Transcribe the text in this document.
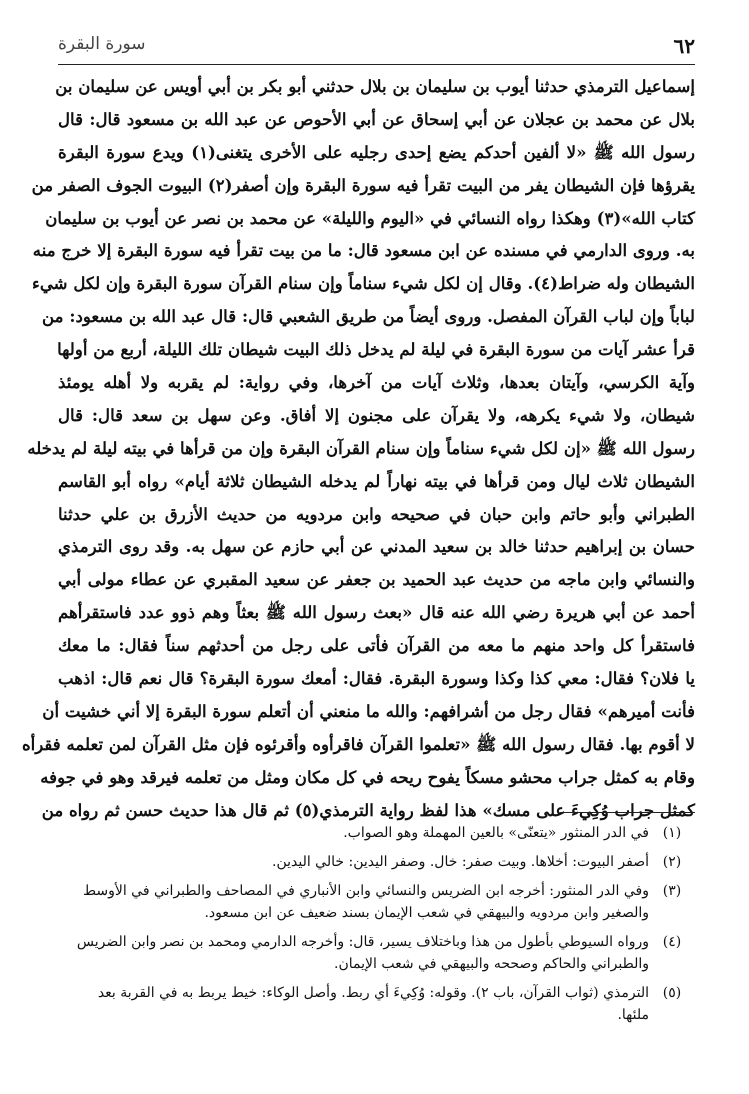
٦٢
سورة البقرة
إسماعيل الترمذي حدثنا أيوب بن سليمان بن بلال حدثني أبو بكر بن أبي أويس عن سليمان بن
بلال عن محمد بن عجلان عن أبي إسحاق عن أبي الأحوص عن عبد الله بن مسعود قال: قال
رسول الله ﷺ «لا ألفين أحدكم يضع إحدى رجليه على الأخرى يتغنى(١) ويدع سورة البقرة
يقرؤها فإن الشيطان يفر من البيت تقرأ فيه سورة البقرة وإن أصفر(٢) البيوت الجوف الصفر من
كتاب الله»(٣) وهكذا رواه النسائي في «اليوم والليلة» عن محمد بن نصر عن أيوب بن سليمان
به. وروى الدارمي في مسنده عن ابن مسعود قال: ما من بيت تقرأ فيه سورة البقرة إلا خرج منه
الشيطان وله ضراط(٤). وقال إن لكل شيء سناماً وإن سنام القرآن سورة البقرة وإن لكل شيء
لباباً وإن لباب القرآن المفصل. وروى أيضاً من طريق الشعبي قال: قال عبد الله بن مسعود: من
قرأ عشر آيات من سورة البقرة في ليلة لم يدخل ذلك البيت شيطان تلك الليلة، أربع من أولها
وآية الكرسي، وآيتان بعدها، وثلاث آيات من آخرها، وفي رواية: لم يقربه ولا أهله يومئذ
شيطان، ولا شيء يكرهه، ولا يقرآن على مجنون إلا أفاق. وعن سهل بن سعد قال: قال
رسول الله ﷺ «إن لكل شيء سناماً وإن سنام القرآن البقرة وإن من قرأها في بيته ليلة لم يدخله
الشيطان ثلاث ليال ومن قرأها في بيته نهاراً لم يدخله الشيطان ثلاثة أيام» رواه أبو القاسم
الطبراني وأبو حاتم وابن حبان في صحيحه وابن مردويه من حديث الأزرق بن علي حدثنا
حسان بن إبراهيم حدثنا خالد بن سعيد المدني عن أبي حازم عن سهل به. وقد روى الترمذي
والنسائي وابن ماجه من حديث عبد الحميد بن جعفر عن سعيد المقبري عن عطاء مولى أبي
أحمد عن أبي هريرة رضي الله عنه قال «بعث رسول الله ﷺ بعثاً وهم ذوو عدد فاستقرأهم
فاستقرأ كل واحد منهم ما معه من القرآن فأتى على رجل من أحدثهم سناً فقال: ما معك
يا فلان؟ فقال: معي كذا وكذا وسورة البقرة. فقال: أمعك سورة البقرة؟ قال نعم قال: اذهب
فأنت أميرهم» فقال رجل من أشرافهم: والله ما منعني أن أتعلم سورة البقرة إلا أني خشيت أن
لا أقوم بها. فقال رسول الله ﷺ «تعلموا القرآن فاقرأوه وأقرئوه فإن مثل القرآن لمن تعلمه فقرأه
وقام به كمثل جراب محشو مسكاً يفوح ريحه في كل مكان ومثل من تعلمه فيرقد وهو في جوفه
كمثل جراب وُكِيءَ على مسك» هذا لفظ رواية الترمذي(٥) ثم قال هذا حديث حسن ثم رواه من
(١)
في الدر المنثور «يتعنّى» بالعين المهملة وهو الصواب.
(٢)
أصفر البيوت: أخلاها. وبيت صفر: خال. وصفر اليدين: خالي اليدين.
(٣)
وفي الدر المنثور: أخرجه ابن الضريس والنسائي وابن الأنباري في المصاحف والطبراني في الأوسط
والصغير وابن مردويه والبيهقي في شعب الإيمان بسند ضعيف عن ابن مسعود.
(٤)
ورواه السيوطي بأطول من هذا وباختلاف يسير، قال: وأخرجه الدارمي ومحمد بن نصر وابن الضريس
والطبراني والحاكم وصححه والبيهقي في شعب الإيمان.
(٥)
الترمذي (ثواب القرآن، باب ٢). وقوله: وُكِيءَ أي ربط. وأصل الوكاء: خيط يربط به في القربة بعد
ملئها.
